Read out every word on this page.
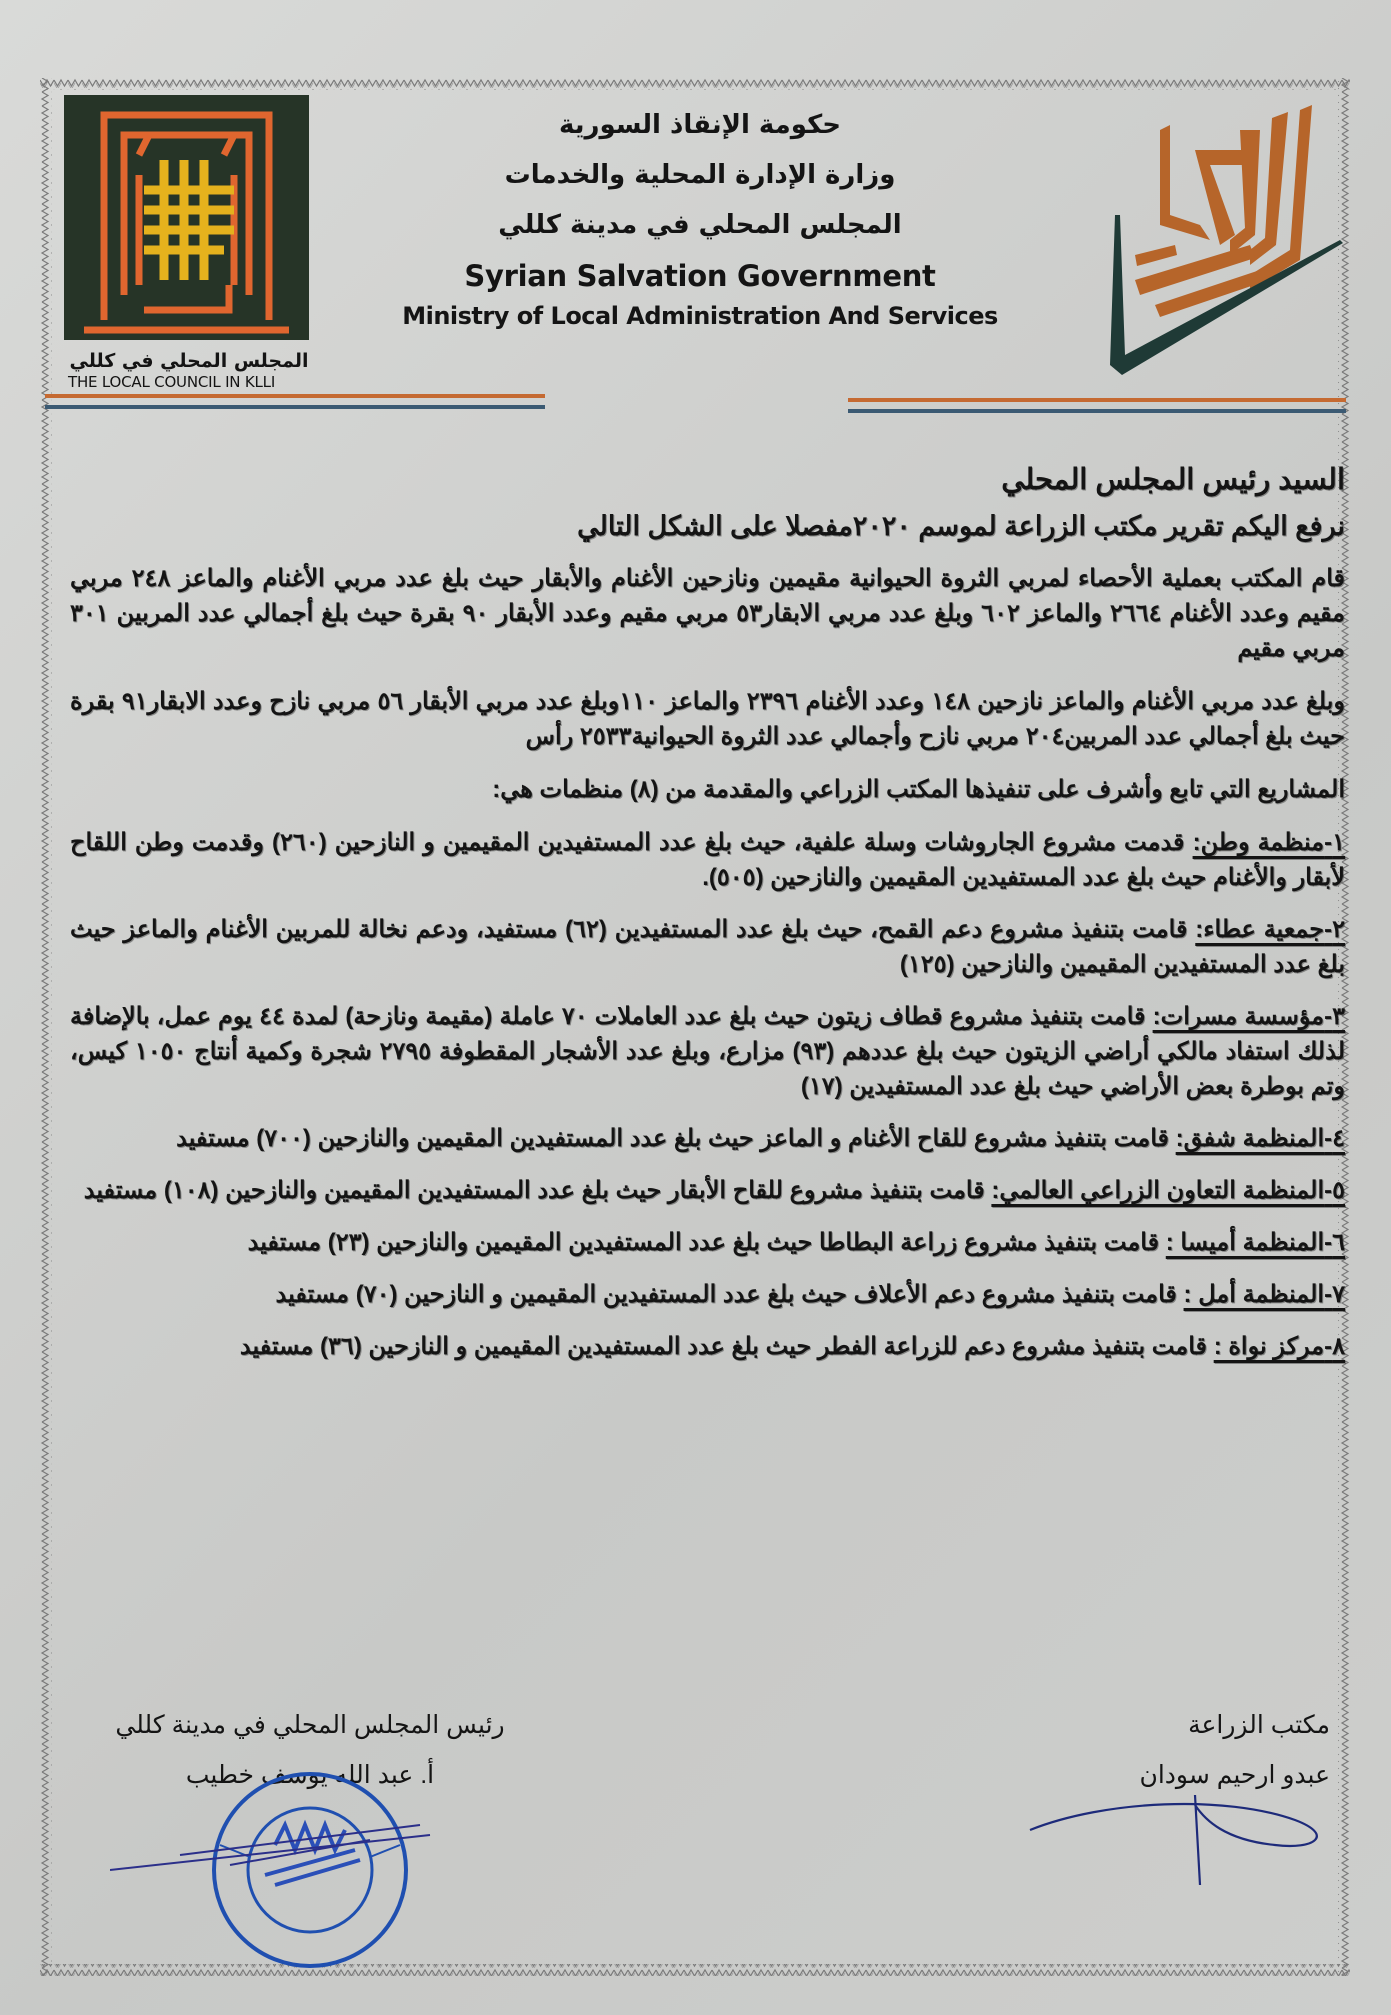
المجلس المحلي في كللي
THE LOCAL COUNCIL IN KLLI
حكومة الإنقاذ السورية
وزارة الإدارة المحلية والخدمات
المجلس المحلي في مدينة كللي
Syrian Salvation Government
Ministry of Local Administration And Services
السيد رئيس المجلس المحلي
نرفع اليكم تقرير مكتب الزراعة لموسم ٢٠٢٠مفصلا على الشكل التالي

قام المكتب بعملية الأحصاء لمربي الثروة الحيوانية مقيمين ونازحين الأغنام والأبقار حيث بلغ عدد مربي الأغنام والماعز ٢٤٨ مربي مقيم وعدد الأغنام ٢٦٦٤ والماعز ٦٠٢ وبلغ عدد مربي الابقار٥٣ مربي مقيم وعدد الأبقار ٩٠ بقرة حيث بلغ أجمالي عدد المربين ٣٠١ مربي مقيم

وبلغ عدد مربي الأغنام والماعز نازحين ١٤٨ وعدد الأغنام ٢٣٩٦ والماعز ١١٠وبلغ عدد مربي الأبقار ٥٦ مربي نازح وعدد الابقار٩١ بقرة حيث بلغ أجمالي عدد المربين٢٠٤ مربي نازح وأجمالي عدد الثروة الحيوانية٢٥٣٣ رأس

المشاريع التي تابع وأشرف على تنفيذها المكتب الزراعي والمقدمة من (٨) منظمات هي:

١-منظمة وطن: قدمت مشروع الجاروشات وسلة علفية، حيث بلغ عدد المستفيدين المقيمين و النازحين (٢٦٠) وقدمت وطن اللقاح لأبقار والأغنام حيث بلغ عدد المستفيدين المقيمين والنازحين (٥٠٥).

٢-جمعية عطاء: قامت بتنفيذ مشروع دعم القمح، حيث بلغ عدد المستفيدين (٦٢) مستفيد، ودعم نخالة للمربين الأغنام والماعز حيث بلغ عدد المستفيدين المقيمين والنازحين (١٢٥)

٣-مؤسسة مسرات: قامت بتنفيذ مشروع قطاف زيتون حيث بلغ عدد العاملات ٧٠ عاملة (مقيمة ونازحة) لمدة ٤٤ يوم عمل، بالإضافة لذلك استفاد مالكي أراضي الزيتون حيث بلغ عددهم (٩٣) مزارع، وبلغ عدد الأشجار المقطوفة ٢٧٩٥ شجرة وكمية أنتاج ١٠٥٠ كيس، وتم بوطرة بعض الأراضي حيث بلغ عدد المستفيدين (١٧)

٤-المنظمة شفق: قامت بتنفيذ مشروع للقاح الأغنام و الماعز حيث بلغ عدد المستفيدين المقيمين والنازحين (٧٠٠) مستفيد

٥-المنظمة التعاون الزراعي العالمي: قامت بتنفيذ مشروع للقاح الأبقار حيث بلغ عدد المستفيدين المقيمين والنازحين (١٠٨) مستفيد

٦-المنظمة أميسا : قامت بتنفيذ مشروع زراعة البطاطا حيث بلغ عدد المستفيدين المقيمين والنازحين (٢٣) مستفيد

٧-المنظمة أمل : قامت بتنفيذ مشروع دعم الأعلاف حيث بلغ عدد المستفيدين المقيمين و النازحين (٧٠) مستفيد

٨-مركز نواة : قامت بتنفيذ مشروع دعم للزراعة الفطر حيث بلغ عدد المستفيدين المقيمين و النازحين (٣٦) مستفيد

رئيس المجلس المحلي في مدينة كللي
أ. عبد الله يوسف خطيب
مكتب الزراعة
عبدو ارحيم سودان
